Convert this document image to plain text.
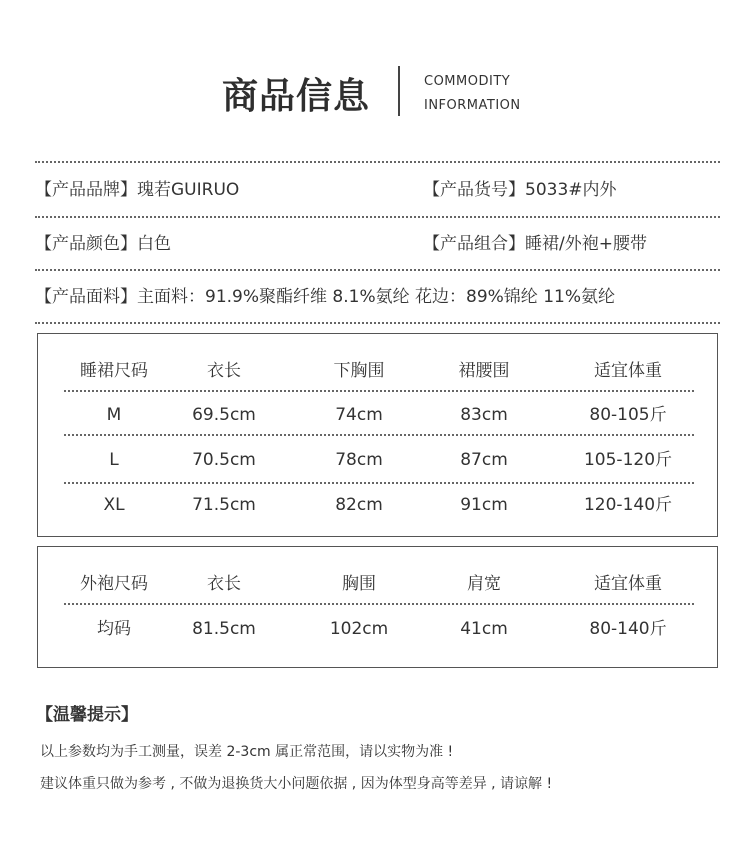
商品信息	COMMODITY
INFORMATION
【产品品牌】瑰若GUIRUO	【产品货号】5033#内外
【产品颜色】白色	【产品组合】睡裙/外袍+腰带
【产品面料】主面料：91.9%聚酯纤维 8.1%氨纶 花边：89%锦纶 11%氨纶
睡裙尺码	衣长	下胸围	裙腰围	适宜体重
M	69.5cm	74cm	83cm	80-105斤
L	70.5cm	78cm	87cm	105-120斤
XL	71.5cm	82cm	91cm	120-140斤
外袍尺码	衣长	胸围	肩宽	适宜体重
均码	81.5cm	102cm	41cm	80-140斤
【温馨提示】
以上参数均为手工测量，误差 2-3cm 属正常范围，请以实物为准 !
建议体重只做为参考 , 不做为退换货大小问题依据 , 因为体型身高等差异 , 请谅解 !
